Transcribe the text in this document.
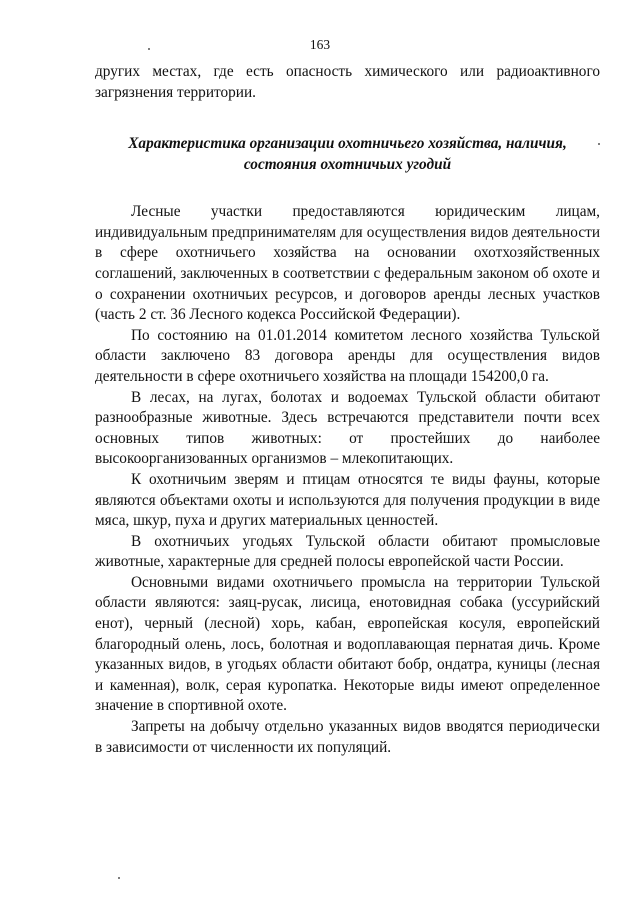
163

других местах, где есть опасность химического или радиоактивного загрязнения территории.

Характеристика организации охотничьего хозяйства, наличия,
состояния охотничьих угодий

Лесные участки предоставляются юридическим лицам, индивидуальным предпринимателям для осуществления видов деятельности в сфере охотничьего хозяйства на основании охотхозяйственных соглашений, заключенных в соответствии с федеральным законом об охоте и о сохранении охотничьих ресурсов, и договоров аренды лесных участков (часть 2 ст. 36 Лесного кодекса Российской Федерации).

По состоянию на 01.01.2014 комитетом лесного хозяйства Тульской области заключено 83 договора аренды для осуществления видов деятельности в сфере охотничьего хозяйства на площади 154200,0 га.

В лесах, на лугах, болотах и водоемах Тульской области обитают разнообразные животные. Здесь встречаются представители почти всех основных типов животных: от простейших до наиболее высокоорганизованных организмов – млекопитающих.

К охотничьим зверям и птицам относятся те виды фауны, которые являются объектами охоты и используются для получения продукции в виде мяса, шкур, пуха и других материальных ценностей.

В охотничьих угодьях Тульской области обитают промысловые животные, характерные для средней полосы европейской части России.

Основными видами охотничьего промысла на территории Тульской области являются: заяц-русак, лисица, енотовидная собака (уссурийский енот), черный (лесной) хорь, кабан, европейская косуля, европейский благородный олень, лось, болотная и водоплавающая пернатая дичь. Кроме указанных видов, в угодьях области обитают бобр, ондатра, куницы (лесная и каменная), волк, серая куропатка. Некоторые виды имеют определенное значение в спортивной охоте.

Запреты на добычу отдельно указанных видов вводятся периодически в зависимости от численности их популяций.
